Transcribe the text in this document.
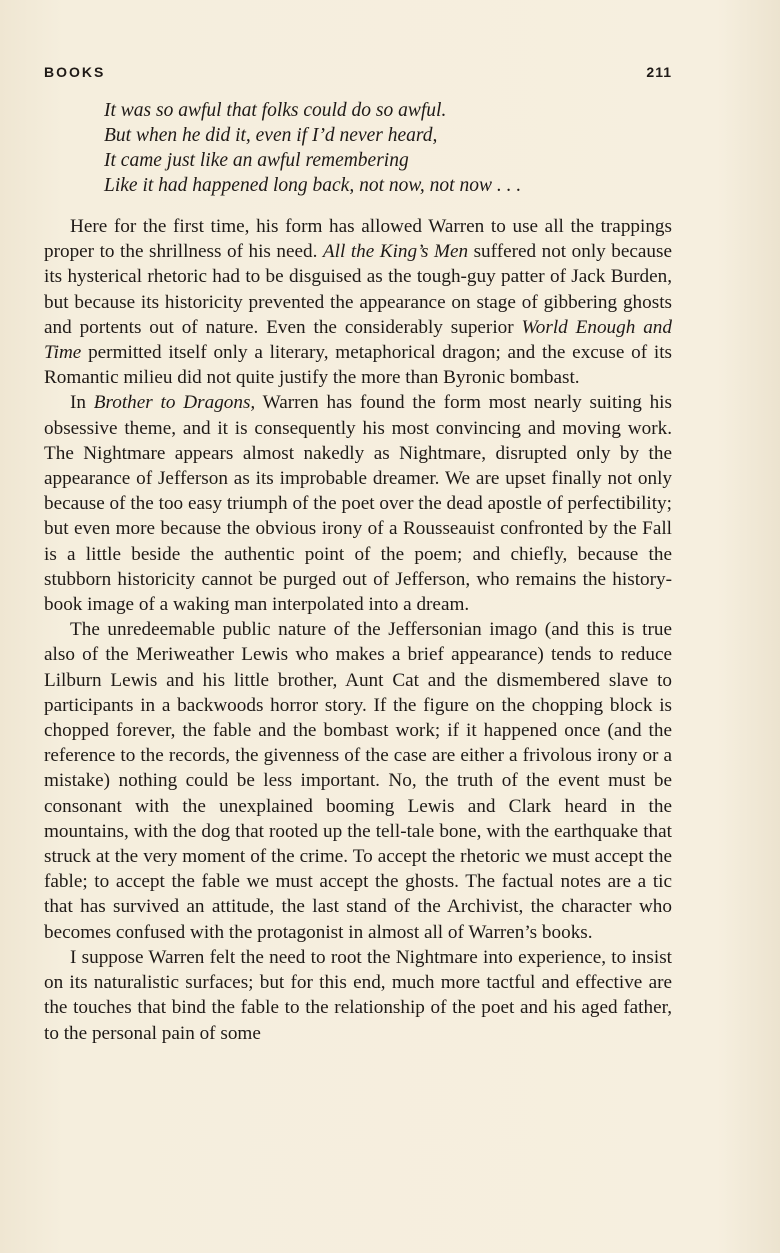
BOOKS	211
It was so awful that folks could do so awful.
But when he did it, even if I’d never heard,
It came just like an awful remembering
Like it had happened long back, not now, not now . . .

Here for the first time, his form has allowed Warren to use all the trappings proper to the shrillness of his need. All the King’s Men suffered not only because its hysterical rhetoric had to be disguised as the tough-guy patter of Jack Burden, but because its historicity prevented the appearance on stage of gibbering ghosts and portents out of nature. Even the considerably superior World Enough and Time permitted itself only a literary, metaphorical dragon; and the excuse of its Romantic milieu did not quite justify the more than Byronic bombast.

In Brother to Dragons, Warren has found the form most nearly suiting his obsessive theme, and it is consequently his most convincing and moving work. The Nightmare appears almost nakedly as Nightmare, disrupted only by the appearance of Jefferson as its improbable dreamer. We are upset finally not only because of the too easy triumph of the poet over the dead apostle of perfectibility; but even more because the obvious irony of a Rousseauist confronted by the Fall is a little beside the authentic point of the poem; and chiefly, because the stubborn historicity cannot be purged out of Jefferson, who remains the history-book image of a waking man interpolated into a dream.

The unredeemable public nature of the Jeffersonian imago (and this is true also of the Meriweather Lewis who makes a brief appearance) tends to reduce Lilburn Lewis and his little brother, Aunt Cat and the dismembered slave to participants in a backwoods horror story. If the figure on the chopping block is chopped forever, the fable and the bombast work; if it happened once (and the reference to the records, the givenness of the case are either a frivolous irony or a mistake) nothing could be less important. No, the truth of the event must be consonant with the unexplained booming Lewis and Clark heard in the mountains, with the dog that rooted up the tell-tale bone, with the earthquake that struck at the very moment of the crime. To accept the rhetoric we must accept the fable; to accept the fable we must accept the ghosts. The factual notes are a tic that has survived an attitude, the last stand of the Archivist, the character who becomes confused with the protagonist in almost all of Warren’s books.

I suppose Warren felt the need to root the Nightmare into experience, to insist on its naturalistic surfaces; but for this end, much more tactful and effective are the touches that bind the fable to the relationship of the poet and his aged father, to the personal pain of some
